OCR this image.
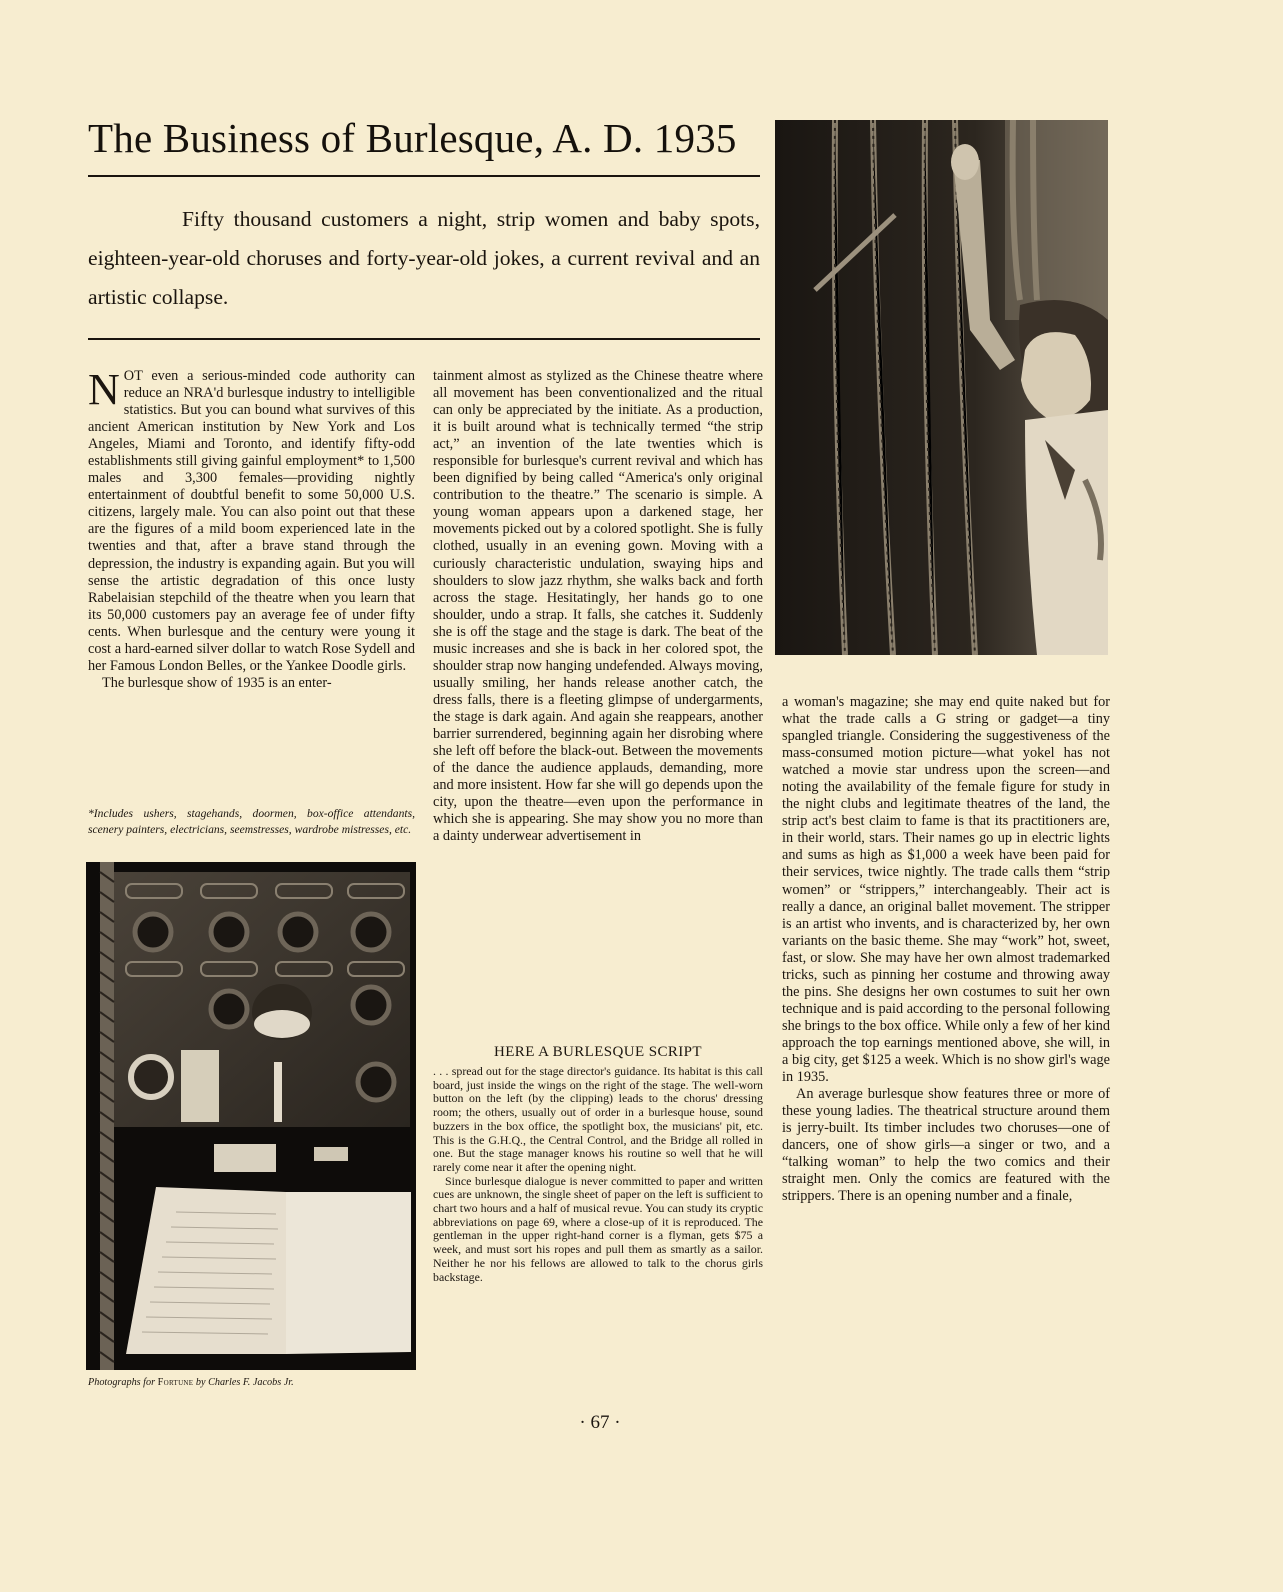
The Business of Burlesque, A. D. 1935
Fifty thousand customers a night, strip women and baby spots, eighteen-year-old choruses and forty-year-old jokes, a current revival and an artistic collapse.

NOT even a serious-minded code authority can reduce an NRA'd burlesque industry to intelligible statistics. But you can bound what survives of this ancient American institution by New York and Los Angeles, Miami and Toronto, and identify fifty-odd establishments still giving gainful employment* to 1,500 males and 3,300 females—providing nightly entertainment of doubtful benefit to some 50,000 U.S. citizens, largely male. You can also point out that these are the figures of a mild boom experienced late in the twenties and that, after a brave stand through the depression, the industry is expanding again. But you will sense the artistic degradation of this once lusty Rabelaisian stepchild of the theatre when you learn that its 50,000 customers pay an average fee of under fifty cents. When burlesque and the century were young it cost a hard-earned silver dollar to watch Rose Sydell and her Famous London Belles, or the Yankee Doodle girls.

The burlesque show of 1935 is an enter-

*Includes ushers, stagehands, doormen, box-office attendants, scenery painters, electricians, seemstresses, wardrobe mistresses, etc.
Photographs for Fortune by Charles F. Jacobs Jr.

tainment almost as stylized as the Chinese theatre where all movement has been conventionalized and the ritual can only be appreciated by the initiate. As a production, it is built around what is technically termed “the strip act,” an invention of the late twenties which is responsible for burlesque's current revival and which has been dignified by being called “America's only original contribution to the theatre.” The scenario is simple. A young woman appears upon a darkened stage, her movements picked out by a colored spotlight. She is fully clothed, usually in an evening gown. Moving with a curiously characteristic undulation, swaying hips and shoulders to slow jazz rhythm, she walks back and forth across the stage. Hesitatingly, her hands go to one shoulder, undo a strap. It falls, she catches it. Suddenly she is off the stage and the stage is dark. The beat of the music increases and she is back in her colored spot, the shoulder strap now hanging undefended. Always moving, usually smiling, her hands release another catch, the dress falls, there is a fleeting glimpse of undergarments, the stage is dark again. And again she reappears, another barrier surrendered, beginning again her disrobing where she left off before the black-out. Between the movements of the dance the audience applauds, demanding, more and more insistent. How far she will go depends upon the city, upon the theatre—even upon the performance in which she is appearing. She may show you no more than a dainty underwear advertisement in

HERE A BURLESQUE SCRIPT

. . . spread out for the stage director's guidance. Its habitat is this call board, just inside the wings on the right of the stage. The well-worn button on the left (by the clipping) leads to the chorus' dressing room; the others, usually out of order in a burlesque house, sound buzzers in the box office, the spotlight box, the musicians' pit, etc. This is the G.H.Q., the Central Control, and the Bridge all rolled in one. But the stage manager knows his routine so well that he will rarely come near it after the opening night.

Since burlesque dialogue is never committed to paper and written cues are unknown, the single sheet of paper on the left is sufficient to chart two hours and a half of musical revue. You can study its cryptic abbreviations on page 69, where a close-up of it is reproduced. The gentleman in the upper right-hand corner is a flyman, gets $75 a week, and must sort his ropes and pull them as smartly as a sailor. Neither he nor his fellows are allowed to talk to the chorus girls backstage.

a woman's magazine; she may end quite naked but for what the trade calls a G string or gadget—a tiny spangled triangle. Considering the suggestiveness of the mass-consumed motion picture—what yokel has not watched a movie star undress upon the screen—and noting the availability of the female figure for study in the night clubs and legitimate theatres of the land, the strip act's best claim to fame is that its practitioners are, in their world, stars. Their names go up in electric lights and sums as high as $1,000 a week have been paid for their services, twice nightly. The trade calls them “strip women” or “strippers,” interchangeably. Their act is really a dance, an original ballet movement. The stripper is an artist who invents, and is characterized by, her own variants on the basic theme. She may “work” hot, sweet, fast, or slow. She may have her own almost trademarked tricks, such as pinning her costume and throwing away the pins. She designs her own costumes to suit her own technique and is paid according to the personal following she brings to the box office. While only a few of her kind approach the top earnings mentioned above, she will, in a big city, get $125 a week. Which is no show girl's wage in 1935.

An average burlesque show features three or more of these young ladies. The theatrical structure around them is jerry-built. Its timber includes two choruses—one of dancers, one of show girls—a singer or two, and a “talking woman” to help the two comics and their straight men. Only the comics are featured with the strippers. There is an opening number and a finale,

· 67 ·
